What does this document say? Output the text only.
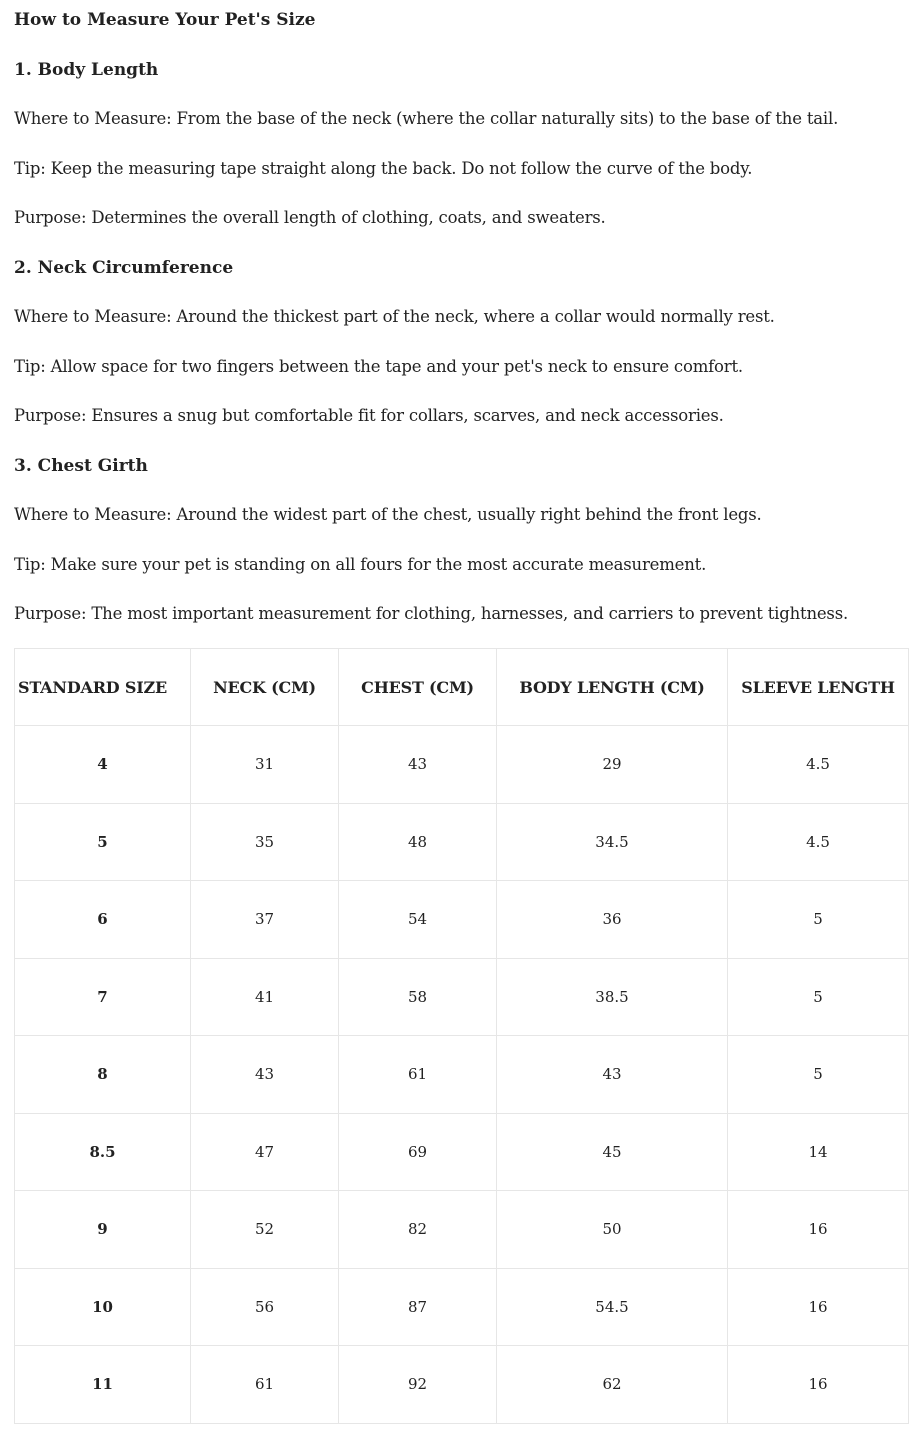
How to Measure Your Pet's Size
1. Body Length
Where to Measure: From the base of the neck (where the collar naturally sits) to the base of the tail.
Tip: Keep the measuring tape straight along the back. Do not follow the curve of the body.
Purpose: Determines the overall length of clothing, coats, and sweaters.
2. Neck Circumference
Where to Measure: Around the thickest part of the neck, where a collar would normally rest.
Tip: Allow space for two fingers between the tape and your pet's neck to ensure comfort.
Purpose: Ensures a snug but comfortable fit for collars, scarves, and neck accessories.
3. Chest Girth
Where to Measure: Around the widest part of the chest, usually right behind the front legs.
Tip: Make sure your pet is standing on all fours for the most accurate measurement.
Purpose: The most important measurement for clothing, harnesses, and carriers to prevent tightness.
STANDARD SIZE	NECK (CM)	CHEST (CM)	BODY LENGTH (CM)	SLEEVE LENGTH
4	31	43	29	4.5
5	35	48	34.5	4.5
6	37	54	36	5
7	41	58	38.5	5
8	43	61	43	5
8.5	47	69	45	14
9	52	82	50	16
10	56	87	54.5	16
11	61	92	62	16
